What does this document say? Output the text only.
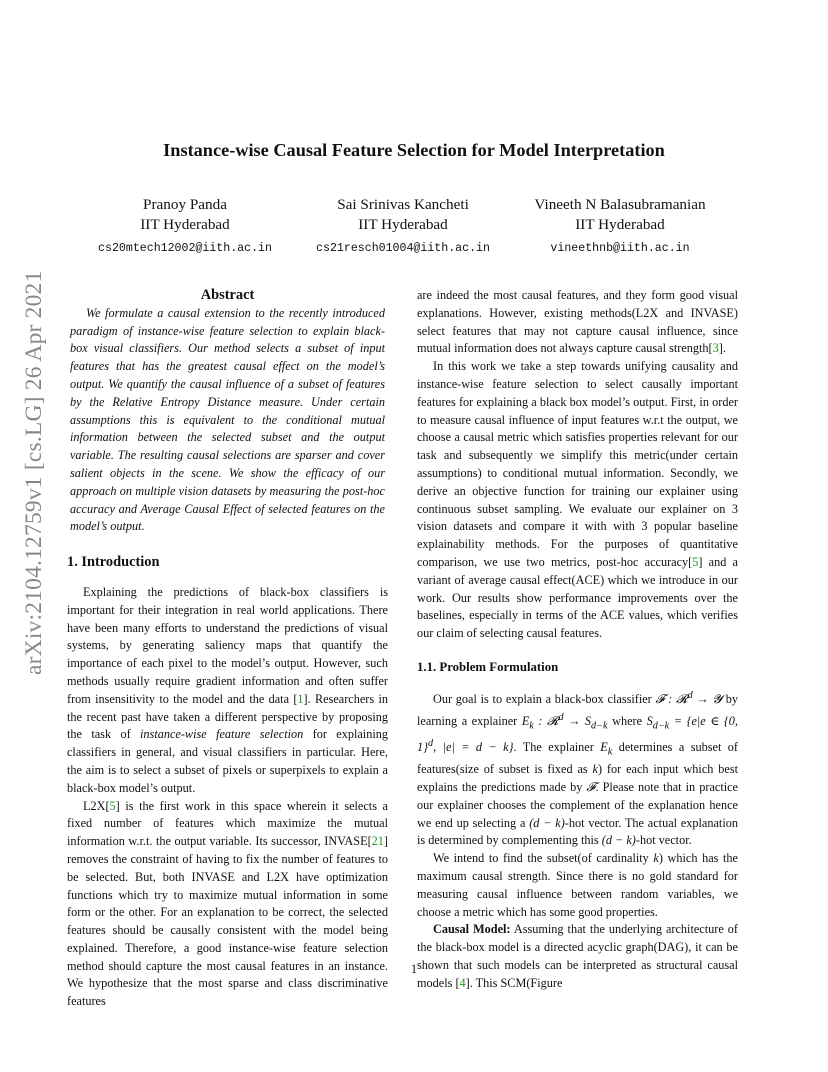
arXiv:2104.12759v1 [cs.LG] 26 Apr 2021
Instance-wise Causal Feature Selection for Model Interpretation
Pranoy Panda
IIT Hyderabad
cs20mtech12002@iith.ac.in
Sai Srinivas Kancheti
IIT Hyderabad
cs21resch01004@iith.ac.in
Vineeth N Balasubramanian
IIT Hyderabad
vineethnb@iith.ac.in

Abstract

We formulate a causal extension to the recently introduced paradigm of instance-wise feature selection to explain black-box visual classifiers. Our method selects a subset of input features that has the greatest causal effect on the model’s output. We quantify the causal influence of a subset of features by the Relative Entropy Distance measure. Under certain assumptions this is equivalent to the conditional mutual information between the selected subset and the output variable. The resulting causal selections are sparser and cover salient objects in the scene. We show the efficacy of our approach on multiple vision datasets by measuring the post-hoc accuracy and Average Causal Effect of selected features on the model’s output.

1. Introduction

Explaining the predictions of black-box classifiers is important for their integration in real world applications. There have been many efforts to understand the predictions of visual systems, by generating saliency maps that quantify the importance of each pixel to the model’s output. However, such methods usually require gradient information and often suffer from insensitivity to the model and the data [1]. Researchers in the recent past have taken a different perspective by proposing the task of instance-wise feature selection for explaining classifiers in general, and visual classifiers in particular. Here, the aim is to select a subset of pixels or superpixels to explain a black-box model’s output.

L2X[5] is the first work in this space wherein it selects a fixed number of features which maximize the mutual information w.r.t. the output variable. Its successor, INVASE[21] removes the constraint of having to fix the number of features to be selected. But, both INVASE and L2X have optimization functions which try to maximize mutual information in some form or the other. For an explanation to be correct, the selected features should be causally consistent with the model being explained. Therefore, a good instance-wise feature selection method should capture the most causal features in an instance. We hypothesize that the most sparse and class discriminative features

are indeed the most causal features, and they form good visual explanations. However, existing methods(L2X and INVASE) select features that may not capture causal influence, since mutual information does not always capture causal strength[3].

In this work we take a step towards unifying causality and instance-wise feature selection to select causally important features for explaining a black box model’s output. First, in order to measure causal influence of input features w.r.t the output, we choose a causal metric which satisfies properties relevant for our task and subsequently we simplify this metric(under certain assumptions) to conditional mutual information. Secondly, we derive an objective function for training our explainer using continuous subset sampling. We evaluate our explainer on 3 vision datasets and compare it with with 3 popular baseline explainability methods. For the purposes of quantitative comparison, we use two metrics, post-hoc accuracy[5] and a variant of average causal effect(ACE) which we introduce in our work. Our results show performance improvements over the baselines, especially in terms of the ACE values, which verifies our claim of selecting causal features.

1.1. Problem Formulation

Our goal is to explain a black-box classifier 𝓕 : 𝓡$^d$ → 𝓨 by learning a explainer $E_k$ : 𝓡$^d$ → $S_{d-k}$ where $S_{d-k} = \{e|e$ ∈ {0, 1}$^d$, |e| = d − k}. The explainer $E_k$ determines a subset of features(size of subset is fixed as k) for each input which best explains the predictions made by 𝓕. Please note that in practice our explainer chooses the complement of the explanation hence we end up selecting a (d − k)-hot vector. The actual explanation is determined by complementing this (d − k)-hot vector.

We intend to find the subset(of cardinality k) which has the maximum causal strength. Since there is no gold standard for measuring causal influence between random variables, we choose a metric which has some good properties.

Causal Model: Assuming that the underlying architecture of the black-box model is a directed acyclic graph(DAG), it can be shown that such models can be interpreted as structural causal models [4]. This SCM(Figure

1
